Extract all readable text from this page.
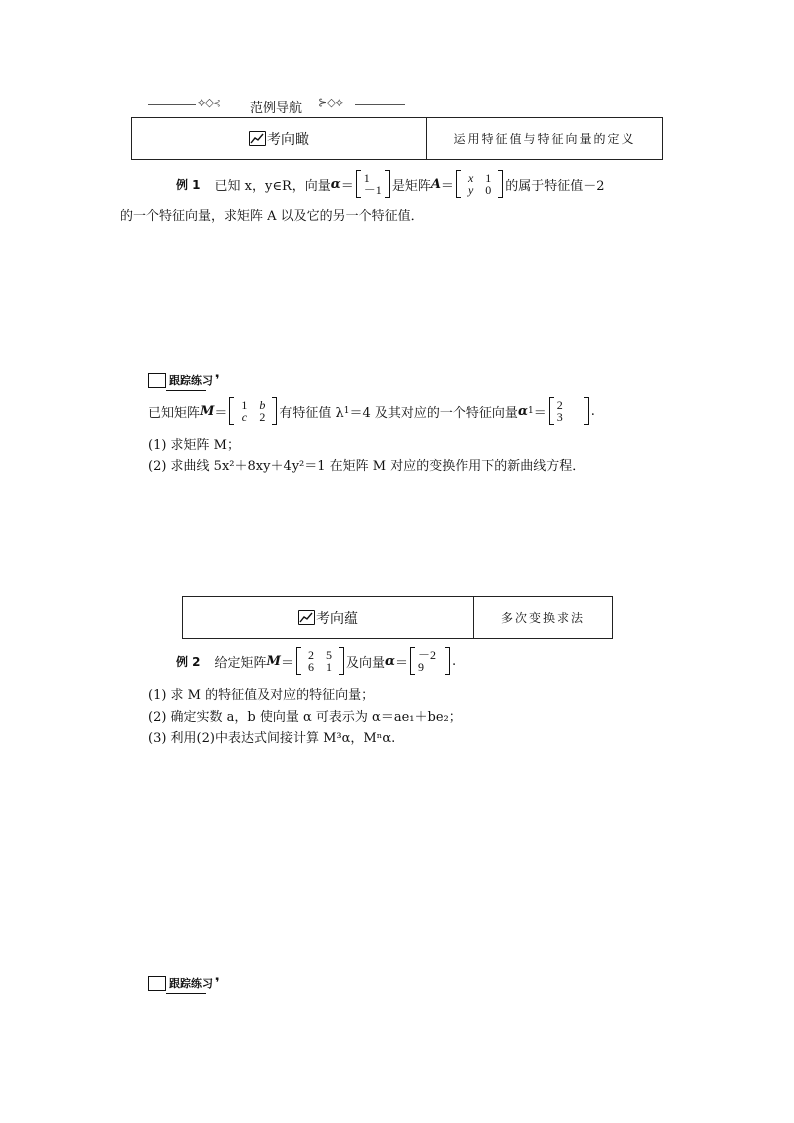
⟡◇⊰ 范例导航 ⊱◇⟡
考向瞰	运用特征值与特征向量的定义
例 1 已知 x，y∈R，向量 α ＝
1
－1 是矩阵 A ＝
x	1
y	0 的属于特征值－2
的一个特征向量，求矩阵 A 以及它的另一个特征值．
跟踪练习 ❜
已知矩阵 M ＝
1	b
c	2 有特征值 λ 1 ＝4 及其对应的一个特征向量 α 1 ＝
2
3 .
(1) 求矩阵 M；
(2) 求曲线 5x²＋8xy＋4y²＝1 在矩阵 M 对应的变换作用下的新曲线方程．
考向蕴	多次变换求法
例 2 给定矩阵 M ＝
2	5
6	1 及向量 α ＝
－2
9 .
(1) 求 M 的特征值及对应的特征向量；
(2) 确定实数 a，b 使向量 α 可表示为 α＝ae₁＋be₂；
(3) 利用(2)中表达式间接计算 M³α，Mⁿα.
跟踪练习 ❜
